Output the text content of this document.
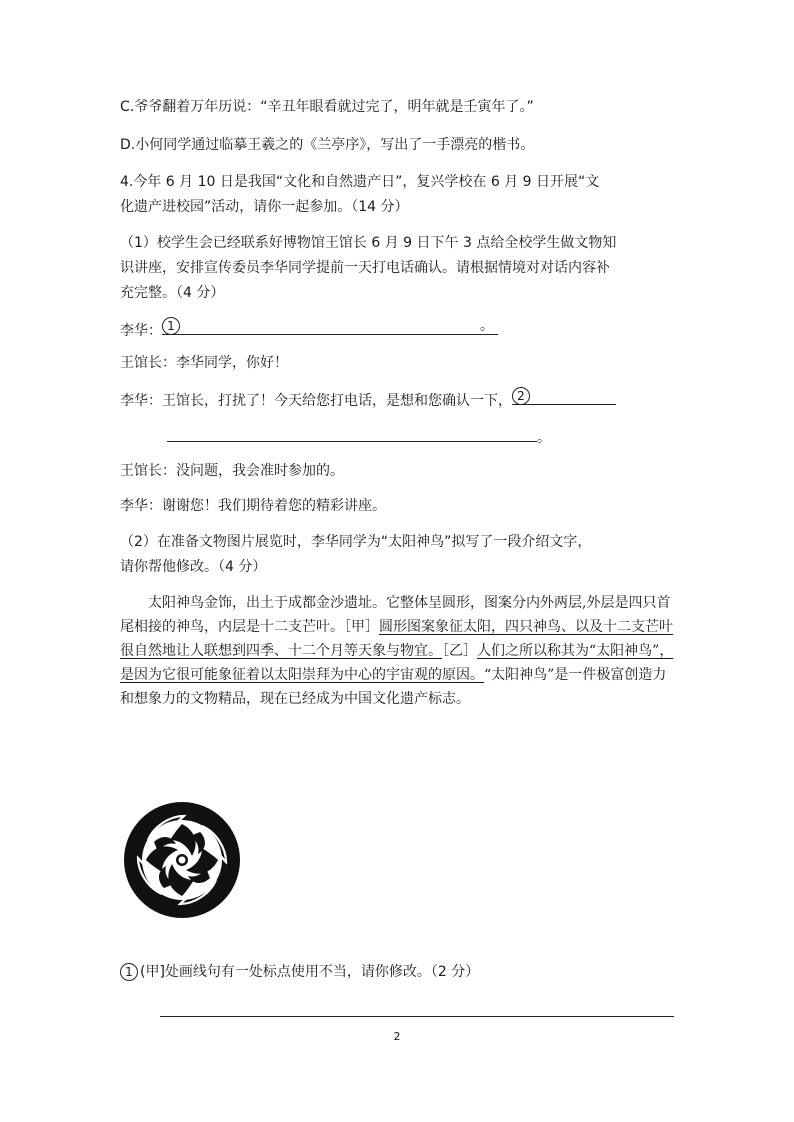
C.爷爷翻着万年历说：“辛丑年眼看就过完了，明年就是壬寅年了。”
D.小何同学通过临摹王羲之的《兰亭序》，写出了一手漂亮的楷书。
4.今年 6 月 10 日是我国“文化和自然遗产日”，复兴学校在 6 月 9 日开展“文
化遗产进校园”活动，请你一起参加。（14 分）
（1）校学生会已经联系好博物馆王馆长 6 月 9 日下午 3 点给全校学生做文物知
识讲座，安排宣传委员李华同学提前一天打电话确认。请根据情境对对话内容补
充完整。（4 分）
李华： 1	。
王馆长：李华同学，你好！
李华：王馆长，打扰了！今天给您打电话，是想和您确认一下， 2
。
王馆长：没问题，我会准时参加的。
李华：谢谢您！我们期待着您的精彩讲座。
（2）在准备文物图片展览时，李华同学为“太阳神鸟”拟写了一段介绍文字，
请你帮他修改。（4 分）
太阳神鸟金饰，出土于成都金沙遗址。它整体呈圆形，图案分内外两层,外层是四只首尾相接的神鸟，内层是十二支芒叶。［甲］圆形图案象征太阳，四只神鸟、以及十二支芒叶很自然地让人联想到四季、十二个月等天象与物宜。［乙］人们之所以称其为“太阳神鸟”，是因为它很可能象征着以太阳崇拜为中心的宇宙观的原因。“太阳神鸟”是一件极富创造力和想象力的文物精品，现在已经成为中国文化遗产标志。
1 (甲]处画线句有一处标点使用不当，请你修改。（2 分）
2
